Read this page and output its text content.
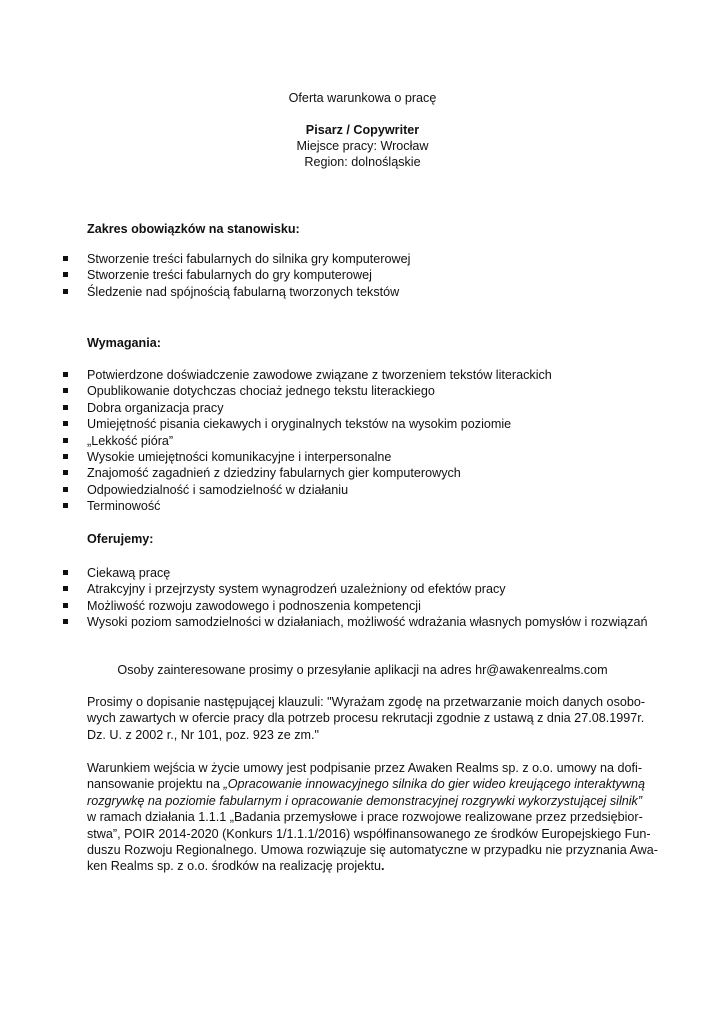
Oferta warunkowa o pracę
Pisarz / Copywriter
Miejsce pracy: Wrocław
Region: dolnośląskie
Zakres obowiązków na stanowisku:
Stworzenie treści fabularnych do silnika gry komputerowej
Stworzenie treści fabularnych do gry komputerowej
Śledzenie nad spójnością fabularną tworzonych tekstów
Wymagania:
Potwierdzone doświadczenie zawodowe związane z tworzeniem tekstów literackich
Opublikowanie dotychczas chociaż jednego tekstu literackiego
Dobra organizacja pracy
Umiejętność pisania ciekawych i oryginalnych tekstów na wysokim poziomie
„Lekkość pióra”
Wysokie umiejętności komunikacyjne i interpersonalne
Znajomość zagadnień z dziedziny fabularnych gier komputerowych
Odpowiedzialność i samodzielność w działaniu
Terminowość
Oferujemy:
Ciekawą pracę
Atrakcyjny i przejrzysty system wynagrodzeń uzależniony od efektów pracy
Możliwość rozwoju zawodowego i podnoszenia kompetencji
Wysoki poziom samodzielności w działaniach, możliwość wdrażania własnych pomysłów i rozwiązań
Osoby zainteresowane prosimy o przesyłanie aplikacji na adres hr@awakenrealms.com
Prosimy o dopisanie następującej klauzuli: "Wyrażam zgodę na przetwarzanie moich danych osobo-
wych zawartych w ofercie pracy dla potrzeb procesu rekrutacji zgodnie z ustawą z dnia 27.08.1997r.
Dz. U. z 2002 r., Nr 101, poz. 923 ze zm."
Warunkiem wejścia w życie umowy jest podpisanie przez Awaken Realms sp. z o.o. umowy na dofi-
nansowanie projektu na „Opracowanie innowacyjnego silnika do gier wideo kreującego interaktywną
rozgrywkę na poziomie fabularnym i opracowanie demonstracyjnej rozgrywki wykorzystującej silnik”
w ramach działania 1.1.1 „Badania przemysłowe i prace rozwojowe realizowane przez przedsiębior-
stwa”, POIR 2014-2020 (Konkurs 1/1.1.1/2016) współfinansowanego ze środków Europejskiego Fun-
duszu Rozwoju Regionalnego. Umowa rozwiązuje się automatyczne w przypadku nie przyznania Awa-
ken Realms sp. z o.o. środków na realizację projektu.
